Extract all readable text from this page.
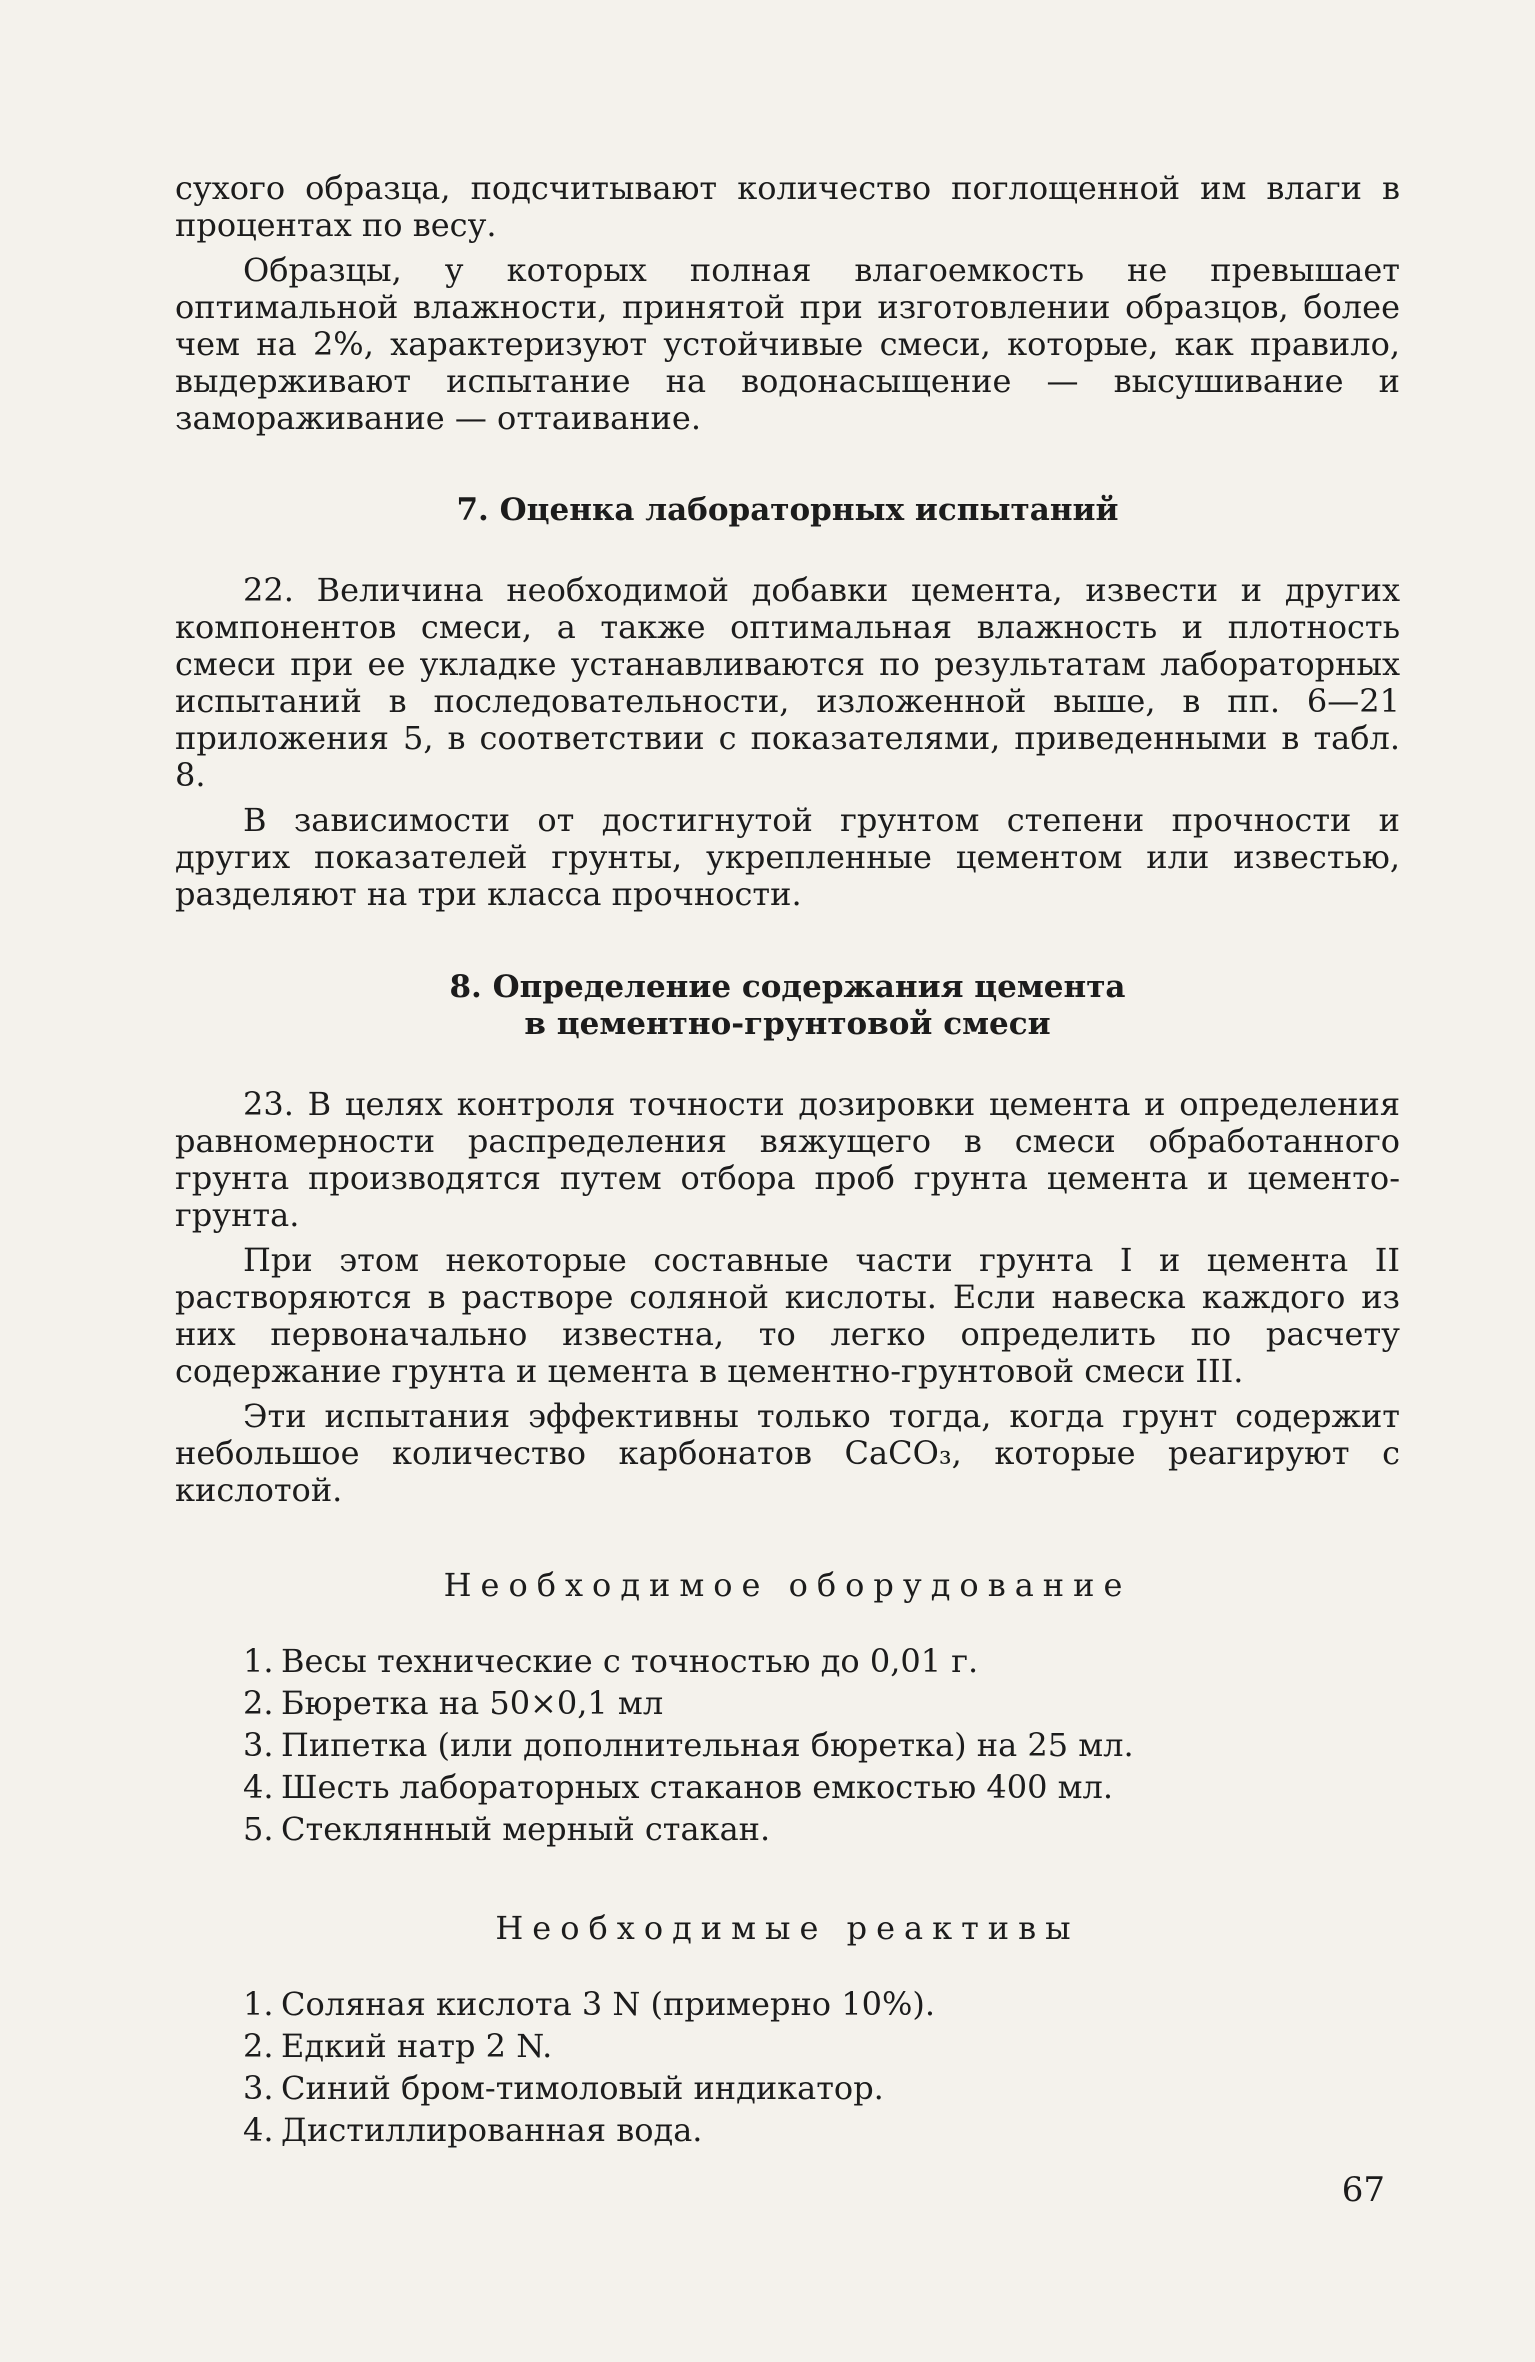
сухого образца, подсчитывают количество поглощенной им влаги в процентах по весу.

Образцы, у которых полная влагоемкость не превышает оптимальной влажности, принятой при изготовлении образцов, более чем на 2%, характеризуют устойчивые смеси, которые, как правило, выдерживают испытание на водонасыщение — высушивание и замораживание — оттаивание.

7. Оценка лабораторных испытаний

22. Величина необходимой добавки цемента, извести и других компонентов смеси, а также оптимальная влажность и плотность смеси при ее укладке устанавливаются по результатам лабораторных испытаний в последовательности, изложенной выше, в пп. 6—21 приложения 5, в соответствии с показателями, приведенными в табл. 8.

В зависимости от достигнутой грунтом степени прочности и других показателей грунты, укрепленные цементом или известью, разделяют на три класса прочности.

8. Определение содержания цемента
в цементно-грунтовой смеси

23. В целях контроля точности дозировки цемента и определения равномерности распределения вяжущего в смеси обработанного грунта производятся путем отбора проб грунта цемента и цементо-грунта.

При этом некоторые составные части грунта I и цемента II растворяются в растворе соляной кислоты. Если навеска каждого из них первоначально известна, то легко определить по расчету содержание грунта и цемента в цементно-грунтовой смеси III.

Эти испытания эффективны только тогда, когда грунт содержит небольшое количество карбонатов CaCO₃, которые реагируют с кислотой.

Необходимое оборудование
1. Весы технические с точностью до 0,01 г.
2. Бюретка на 50×0,1 мл
3. Пипетка (или дополнительная бюретка) на 25 мл.
4. Шесть лабораторных стаканов емкостью 400 мл.
5. Стеклянный мерный стакан.
Необходимые реактивы
1. Соляная кислота 3 N (примерно 10%).
2. Едкий натр 2 N.
3. Синий бром-тимоловый индикатор.
4. Дистиллированная вода.
67
